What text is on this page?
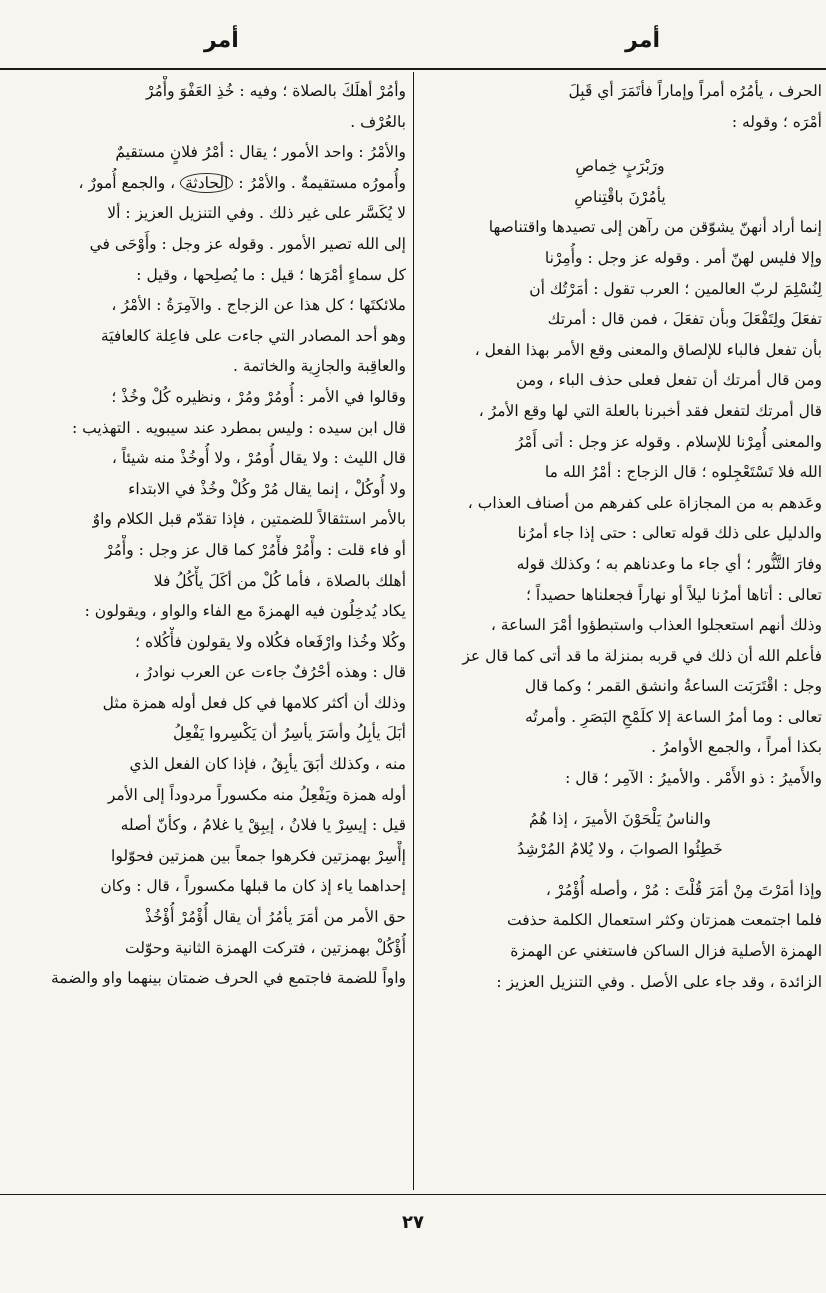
أمر
أمر
الحرف ، يأمُرُه أمراً وإماراً فأتَمَرَ أي قَبِلَ
أمْرَه ؛ وقوله :
ورَبْرَبٍ خِماصِ
يأمُرْنَ باقْتِناصِ
إنما أراد أنهنّ يشوّقن من رآهن إلى تصيدها واقتناصها
وإلا فليس لهنّ أمر . وقوله عز وجل : وأُمِرْنا
لِنُسْلِمَ لربّ العالمين ؛ العرب تقول : أمَرْتُك أن
تفعَلَ ولِتَفْعَلَ وبأن تفعَلَ ، فمن قال : أمرتك
بأن تفعل فالباء للإلصاق والمعنى وقع الأمر بهذا الفعل ،
ومن قال أمرتك أن تفعل فعلى حذف الباء ، ومن
قال أمرتك لتفعل فقد أخبرنا بالعلة التي لها وقع الأمرُ ،
والمعنى أُمِرْنا للإسلام . وقوله عز وجل : أتى أَمْرُ
الله فلا تَسْتَعْجِلوه ؛ قال الزجاج : أمْرُ الله ما
وعَدهم به من المجازاة على كفرهم من أصناف العذاب ،
والدليل على ذلك قوله تعالى : حتى إذا جاء أمرُنا
وفارَ التَّنُّور ؛ أي جاء ما وعدناهم به ؛ وكذلك قوله
تعالى : أتاها أمرُنا ليلاً أو نهاراً فجعلناها حصيداً ؛
وذلك أنهم استعجلوا العذاب واستبطؤوا أمْرَ الساعة ،
فأعلم الله أن ذلك في قربه بمنزلة ما قد أتى كما قال عز
وجل : اقْتَرَبَت الساعةُ وانشق القمر ؛ وكما قال
تعالى : وما أمرُ الساعة إلا كلَمْحِ البَصَرِ . وأمرتُه
بكذا أمراً ، والجمع الأوامرُ .
والأَميرُ : ذو الأَمْر . والأميرُ : الآمِر ؛ قال :
والناسُ يَلْحَوْنَ الأميرَ ، إذا هُمُ
خَطِئُوا الصوابَ ، ولا يُلامُ المُرْشِدُ
وإذا أمَرْتَ مِنْ أمَرَ قُلْتَ : مُرْ ، وأصله أُؤْمُرْ ،
فلما اجتمعت همزتان وكثر استعمال الكلمة حذفت
الهمزة الأصلية فزال الساكن فاستغني عن الهمزة
الزائدة ، وقد جاء على الأصل . وفي التنزيل العزيز :
وأمُرْ أهلَكَ بالصلاة ؛ وفيه : خُذِ العَفْوَ وأْمُرْ
بالعُرْف .
والأمْرُ : واحد الأمور ؛ يقال : أمْرُ فلانٍ مستقيمٌ
وأُمورُه مستقيمةٌ . والأمْرُ : الحادثة ، والجمع أُمورٌ ،
لا يُكَسَّر على غير ذلك . وفي التنزيل العزيز : ألا
إلى الله تصير الأمور . وقوله عز وجل : وأَوْحَى في
كل سماءٍ أمْرَها ؛ قيل : ما يُصلِحها ، وقيل :
ملائكتَها ؛ كل هذا عن الزجاج . والآمِرَةُ : الأمْرُ ،
وهو أحد المصادر التي جاءت على فاعِلة كالعافيَة
والعاقِبة والجازِية والخاتمة .
وقالوا في الأمر : أُومُرْ ومُرْ ، ونظيره كُلْ وخُذْ ؛
قال ابن سيده : وليس بمطرد عند سيبويه . التهذيب :
قال الليث : ولا يقال أُومُرْ ، ولا أُوخُذْ منه شيئاً ،
ولا أُوكُلْ ، إنما يقال مُرْ وكُلْ وخُذْ في الابتداء
بالأمر استثقالاً للضمتين ، فإذا تقدّم قبل الكلام واوٌ
أو فاء قلت : وأْمُرْ فأْمُرْ كما قال عز وجل : وأْمُرْ
أهلك بالصلاة ، فأما كُلْ من أكَلَ يأْكُلُ فلا
يكاد يُدخِلُون فيه الهمزةَ مع الفاء والواو ، ويقولون :
وكُلا وخُذا وارْفَعاه فكُلاه ولا يقولون فأْكُلاه ؛
قال : وهذه أحْرُفٌ جاءت عن العرب نوادرُ ،
وذلك أن أكثر كلامها في كل فعل أوله همزة مثل
أبَلَ يأبِلُ وأسَرَ يأسِرُ أن يَكْسِروا يَفْعِلُ
منه ، وكذلك أبَقَ يأبِقُ ، فإذا كان الفعل الذي
أوله همزة ويَفْعِلُ منه مكسوراً مردوداً إلى الأمر
قيل : إيسِرْ يا فلانُ ، إيبِقْ يا غلامُ ، وكأنّ أصله
إأْسِرْ بهمزتين فكرهوا جمعاً بين همزتين فحوّلوا
إحداهما ياء إذ كان ما قبلها مكسوراً ، قال : وكان
حق الأمر من أمَرَ يأمُرُ أن يقال أُؤْمُرْ أُؤْخُذْ
أُؤْكُلْ بهمزتين ، فتركت الهمزة الثانية وحوّلت
واواً للضمة فاجتمع في الحرف ضمتان بينهما واو والضمة
٢٧
